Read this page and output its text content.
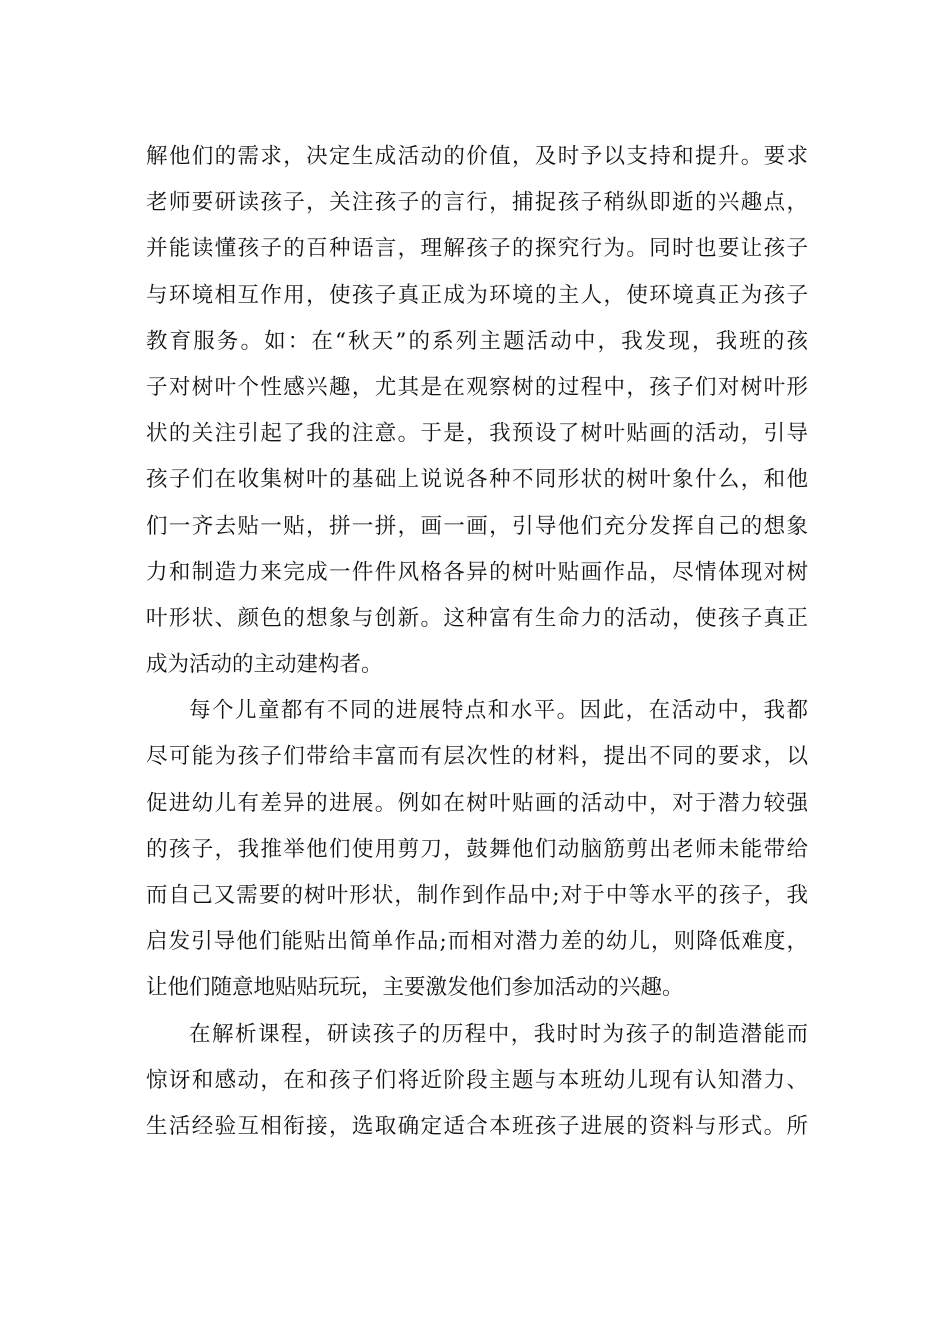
解他们的需求，决定生成活动的价值，及时予以支持和提升。要求
老师要研读孩子，关注孩子的言行，捕捉孩子稍纵即逝的兴趣点，
并能读懂孩子的百种语言，理解孩子的探究行为。同时也要让孩子
与环境相互作用，使孩子真正成为环境的主人，使环境真正为孩子
教育服务。如：在“秋天”的系列主题活动中，我发现，我班的孩
子对树叶个性感兴趣，尤其是在观察树的过程中，孩子们对树叶形
状的关注引起了我的注意。于是，我预设了树叶贴画的活动，引导
孩子们在收集树叶的基础上说说各种不同形状的树叶象什么，和他
们一齐去贴一贴，拼一拼，画一画，引导他们充分发挥自己的想象
力和制造力来完成一件件风格各异的树叶贴画作品，尽情体现对树
叶形状、颜色的想象与创新。这种富有生命力的活动，使孩子真正
成为活动的主动建构者。
每个儿童都有不同的进展特点和水平。因此，在活动中，我都
尽可能为孩子们带给丰富而有层次性的材料，提出不同的要求，以
促进幼儿有差异的进展。例如在树叶贴画的活动中，对于潜力较强
的孩子，我推举他们使用剪刀，鼓舞他们动脑筋剪出老师未能带给
而自己又需要的树叶形状，制作到作品中;对于中等水平的孩子，我
启发引导他们能贴出简单作品;而相对潜力差的幼儿，则降低难度，
让他们随意地贴贴玩玩，主要激发他们参加活动的兴趣。
在解析课程，研读孩子的历程中，我时时为孩子的制造潜能而
惊讶和感动，在和孩子们将近阶段主题与本班幼儿现有认知潜力、
生活经验互相衔接，选取确定适合本班孩子进展的资料与形式。所
